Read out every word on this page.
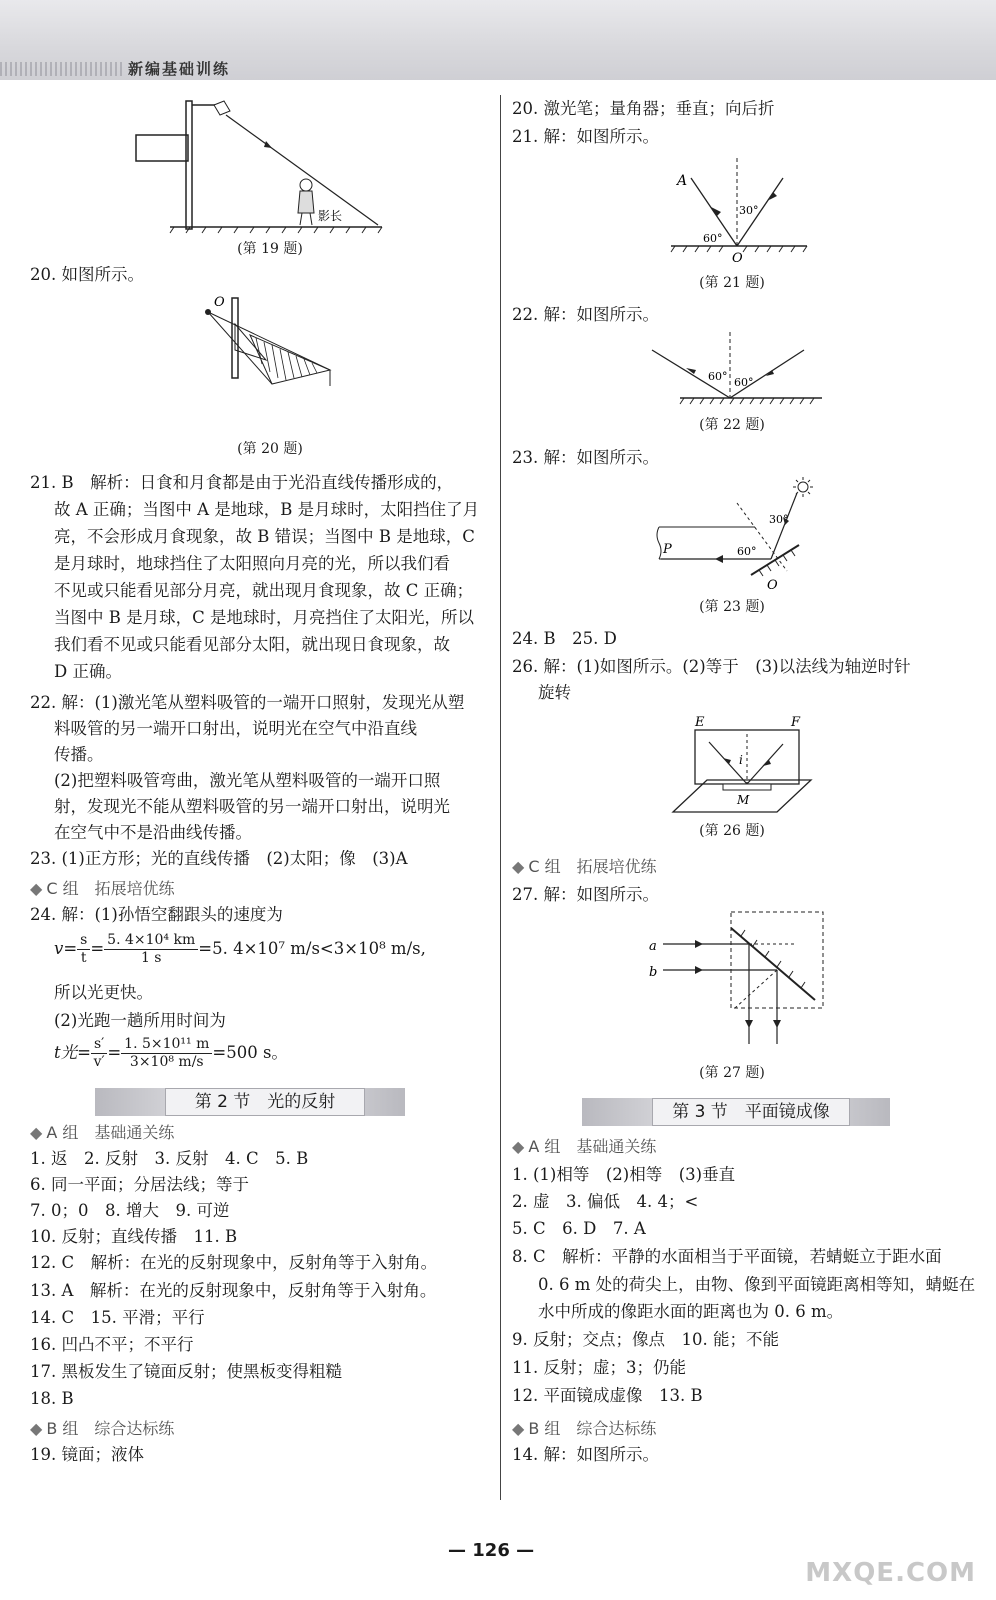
新编基础训练
影长
(第 19 题)
20. 如图所示。
O
(第 20 题)
21. B　解析：日食和月食都是由于光沿直线传播形成的，
故 A 正确；当图中 A 是地球，B 是月球时，太阳挡住了月
亮，不会形成月食现象，故 B 错误；当图中 B 是地球，C
是月球时，地球挡住了太阳照向月亮的光，所以我们看
不见或只能看见部分月亮，就出现月食现象，故 C 正确；
当图中 B 是月球，C 是地球时，月亮挡住了太阳光，所以
我们看不见或只能看见部分太阳，就出现日食现象，故
D 正确。
22. 解：(1)激光笔从塑料吸管的一端开口照射，发现光从塑
料吸管的另一端开口射出，说明光在空气中沿直线
传播。
(2)把塑料吸管弯曲，激光笔从塑料吸管的一端开口照
射，发现光不能从塑料吸管的另一端开口射出，说明光
在空气中不是沿曲线传播。
23. (1)正方形；光的直线传播　(2)太阳；像　(3)A
◆ C 组　拓展培优练
24. 解：(1)孙悟空翻跟头的速度为
$v= \frac{s}{t} = \frac{\text{5. 4×10⁴ km}}{1 s} =5$. 4×10⁷ m/s<3×10⁸ m/s,
所以光更快。
(2)光跑一趟所用时间为
t光= $\frac{s'}{v'} = \frac{\text{1. 5×10¹¹ m}}{\text{3×10⁸ m/s}} =500$ s。
第 2 节　光的反射
◆ A 组　基础通关练
1. 返　2. 反射　3. 反射　4. C　5. B
6. 同一平面；分居法线；等于
7. 0；0　8. 增大　9. 可逆
10. 反射；直线传播　11. B
12. C　解析：在光的反射现象中，反射角等于入射角。
13. A　解析：在光的反射现象中，反射角等于入射角。
14. C　15. 平滑；平行
16. 凹凸不平；不平行
17. 黑板发生了镜面反射；使黑板变得粗糙
18. B
◆ B 组　综合达标练
19. 镜面；液体
20. 激光笔；量角器；垂直；向后折
21. 解：如图所示。
A
30°
60°
O
(第 21 题)
22. 解：如图所示。
60° 60°
(第 22 题)
23. 解：如图所示。
P
30°
60°
O
(第 23 题)
24. B　25. D
26. 解：(1)如图所示。(2)等于　(3)以法线为轴逆时针
旋转
E	F
i
M
(第 26 题)
◆ C 组　拓展培优练
27. 解：如图所示。
a
b
(第 27 题)
第 3 节　平面镜成像
◆ A 组　基础通关练
1. (1)相等　(2)相等　(3)垂直
2. 虚　3. 偏低　4. 4；<
5. C　6. D　7. A
8. C　解析：平静的水面相当于平面镜，若蜻蜓立于距水面
0. 6 m 处的荷尖上，由物、像到平面镜距离相等知，蜻蜓在
水中所成的像距水面的距离也为 0. 6 m。
9. 反射；交点；像点　10. 能；不能
11. 反射；虚；3；仍能
12. 平面镜成虚像　13. B
◆ B 组　综合达标练
14. 解：如图所示。
— 126 —
MXQE.COM
